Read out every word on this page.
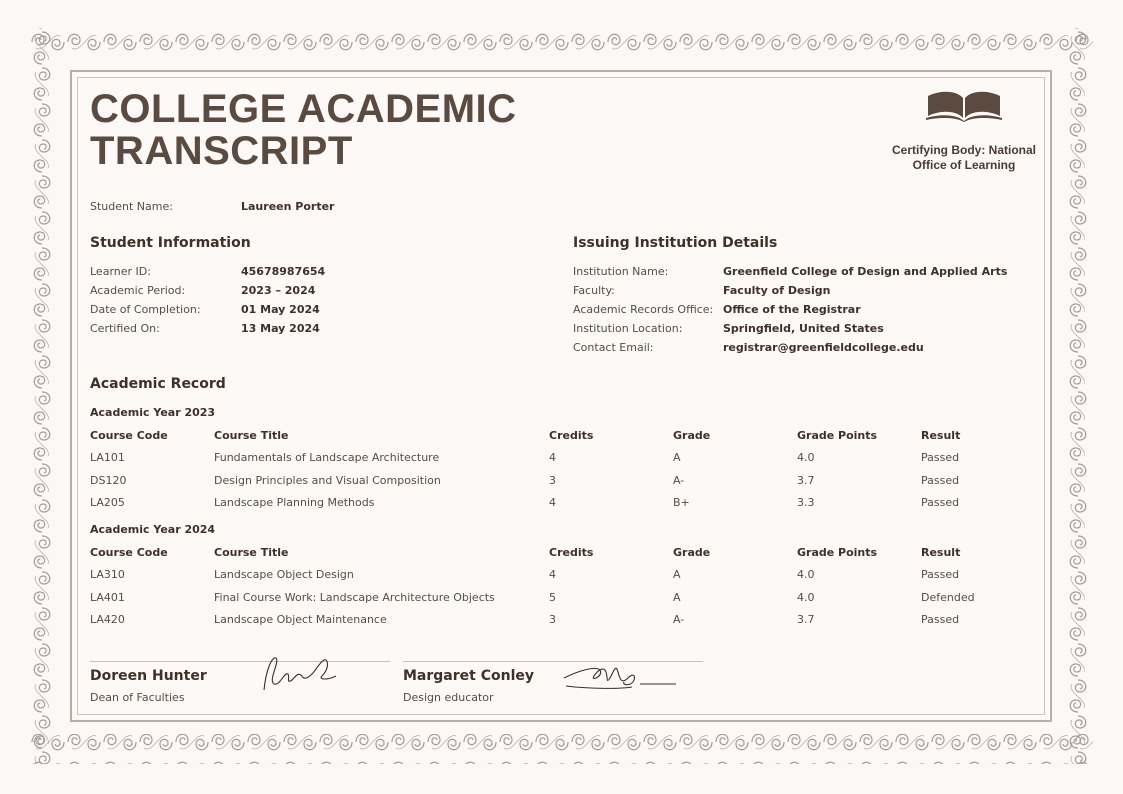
COLLEGE ACADEMIC
TRANSCRIPT	Certifying Body: National Office of Learning
Student Name:	Laureen Porter
Student Information
Learner ID:	45678987654
Academic Period:	2023 – 2024
Date of Completion:	01 May 2024
Certified On:	13 May 2024
Issuing Institution Details
Institution Name:	Greenfield College of Design and Applied Arts
Faculty:	Faculty of Design
Academic Records Office: Office of the Registrar
Institution Location:	Springfield, United States
Contact Email:	registrar@greenfieldcollege.edu
Academic Record
Academic Year 2023
Course Code	Course Title	Credits	Grade	Grade Points	Result
LA101	Fundamentals of Landscape Architecture	4	A	4.0	Passed
DS120	Design Principles and Visual Composition	3	A-	3.7	Passed
LA205	Landscape Planning Methods	4	B+	3.3	Passed
Academic Year 2024
Course Code	Course Title	Credits	Grade	Grade Points	Result
LA310	Landscape Object Design	4	A	4.0	Passed
LA401	Final Course Work: Landscape Architecture Objects	5	A	4.0	Defended
LA420	Landscape Object Maintenance	3	A-	3.7	Passed
Doreen Hunter
Dean of Faculties
Margaret Conley
Design educator
